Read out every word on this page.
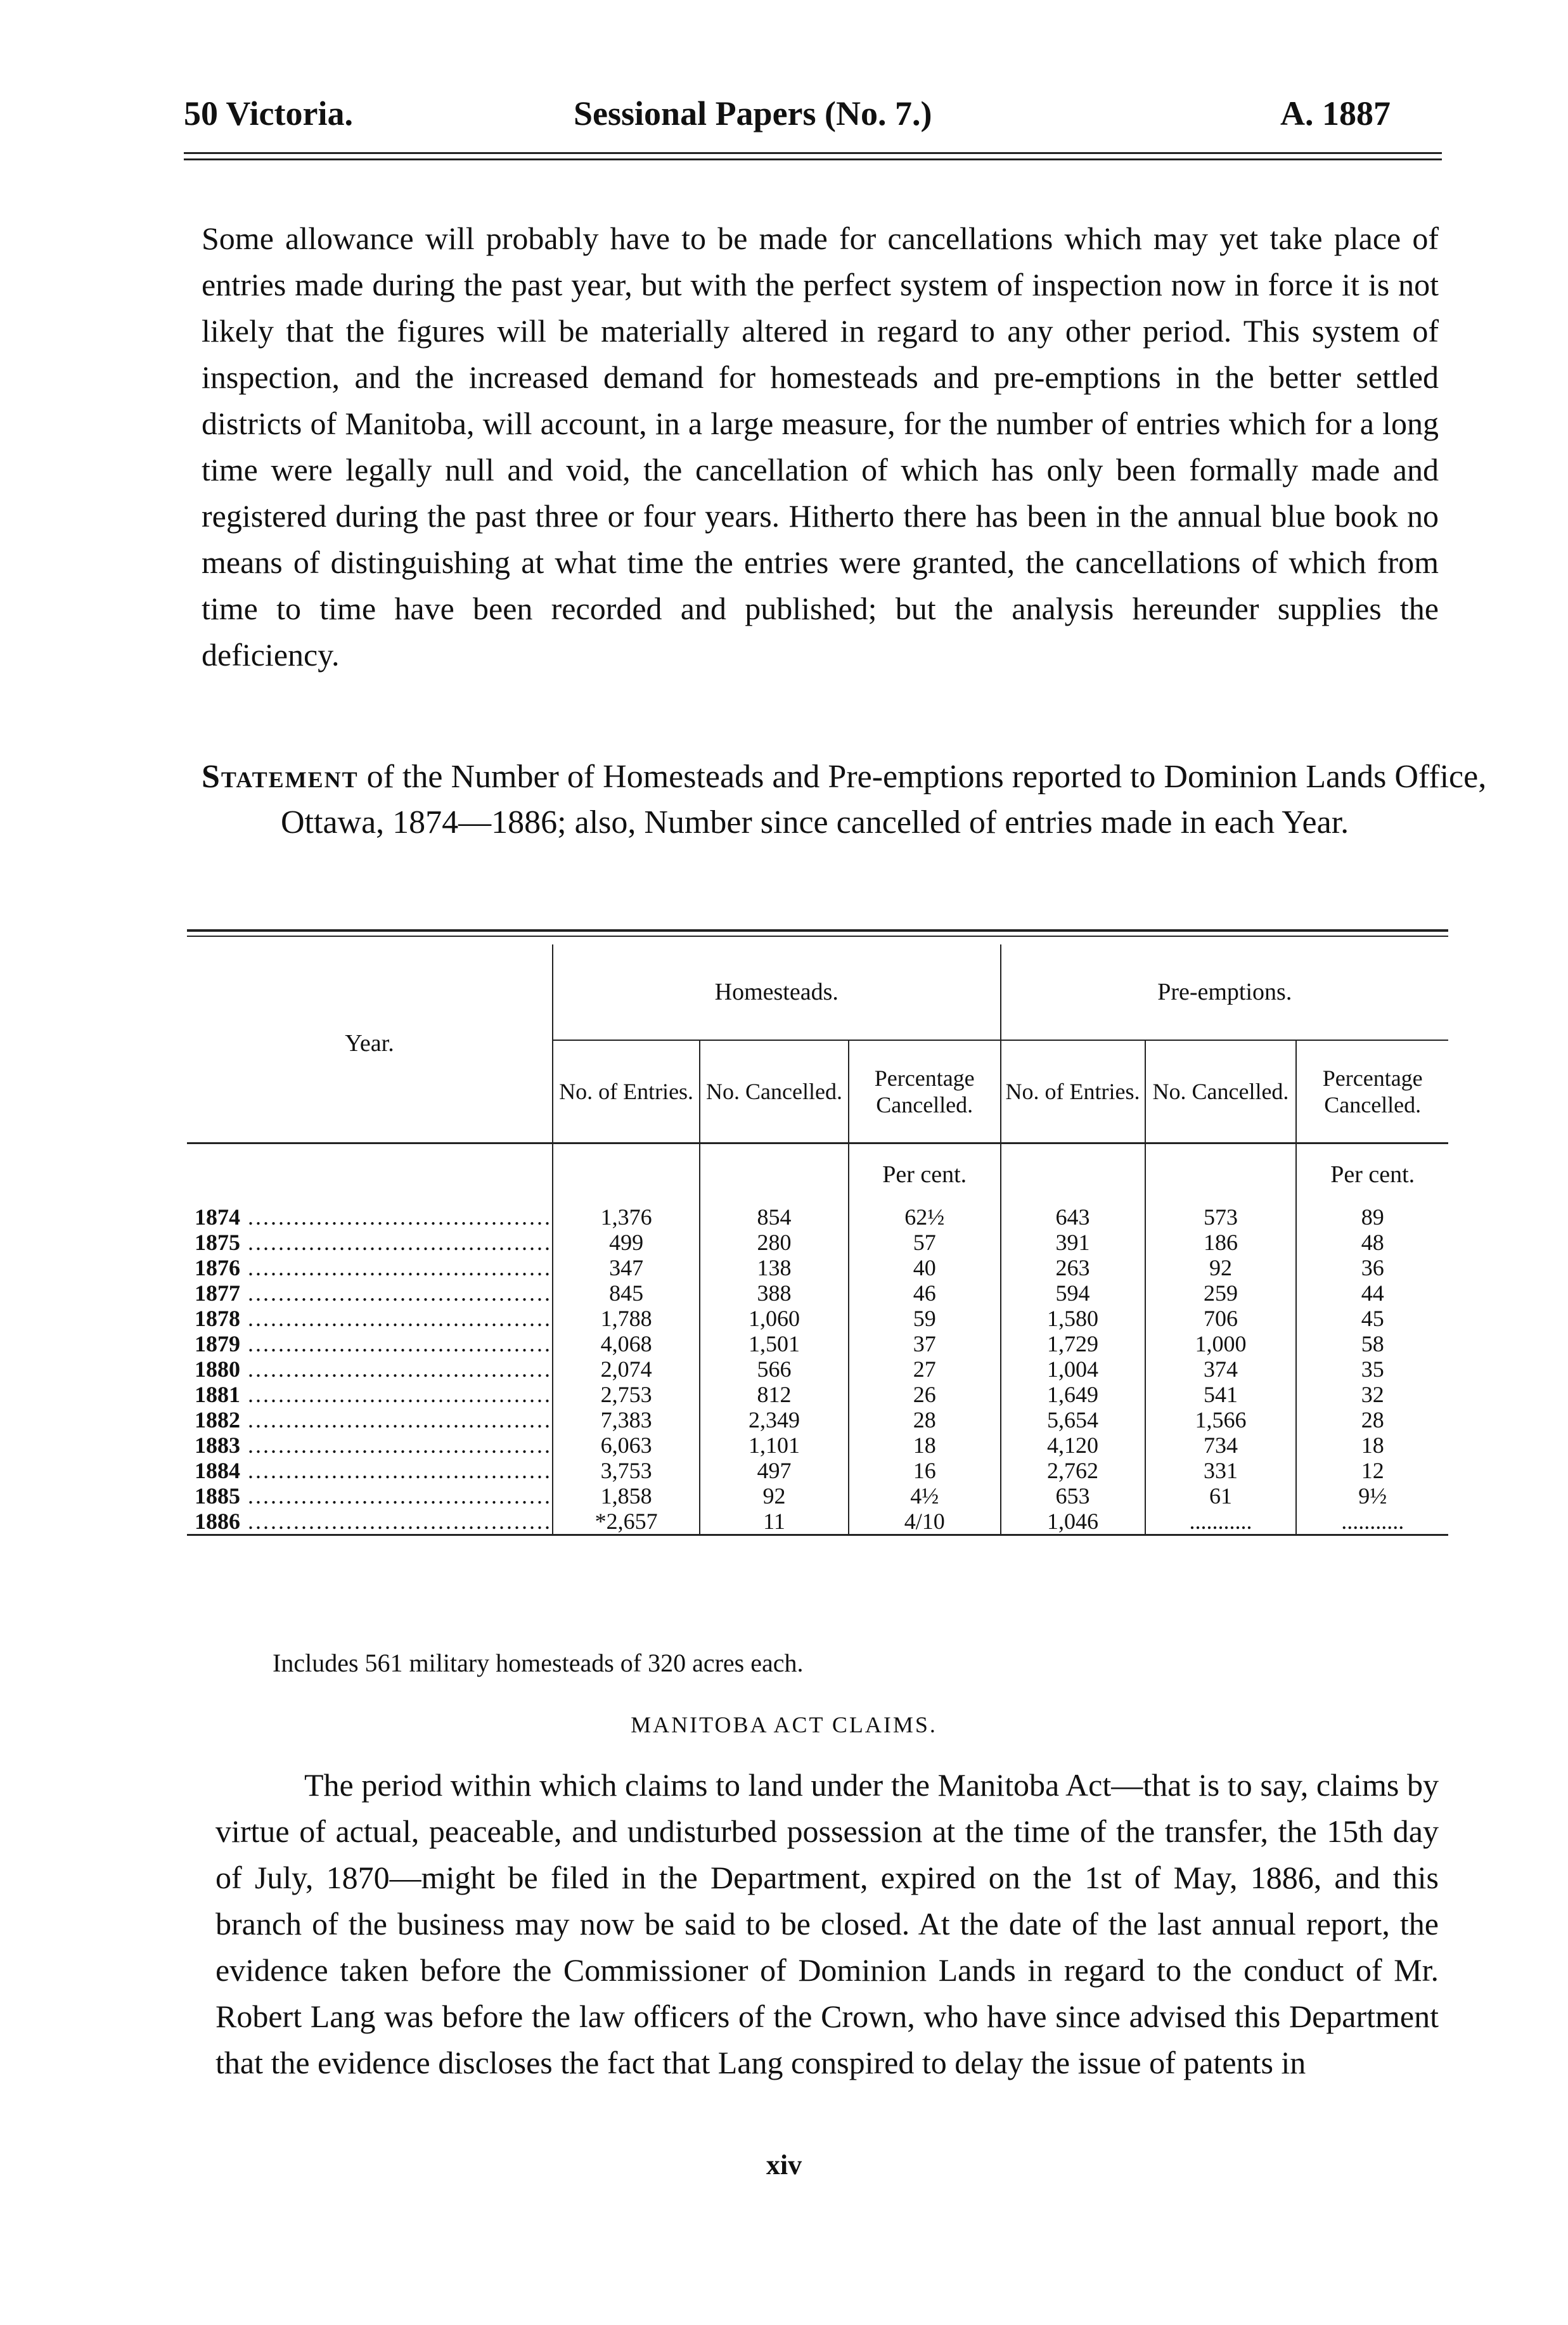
50 Victoria.	Sessional Papers (No. 7.)	A. 1887

Some allowance will probably have to be made for cancellations which may yet take place of entries made during the past year, but with the perfect system of inspection now in force it is not likely that the figures will be materially altered in regard to any other period. This system of inspection, and the increased demand for homesteads and pre-emptions in the better settled districts of Manitoba, will account, in a large measure, for the number of entries which for a long time were legally null and void, the cancellation of which has only been formally made and registered during the past three or four years. Hitherto there has been in the annual blue book no means of distinguishing at what time the entries were granted, the cancellations of which from time to time have been recorded and published; but the analysis hereunder supplies the deficiency.

Statement of the Number of Homesteads and Pre-emptions reported to Dominion Lands Office, Ottawa, 1874—1886; also, Number since cancelled of entries made in each Year.

Year.	Homesteads.			Pre-emptions.		
	No. of Entries.	No. Cancelled.	Percentage Cancelled.	No. of Entries.	No. Cancelled.	Percentage Cancelled.
			Per cent.			Per cent.
1874 ........................................	1,376	854	62½	643	573	89
1875 ........................................	499	280	57	391	186	48
1876 ........................................	347	138	40	263	92	36
1877 ........................................	845	388	46	594	259	44
1878 ........................................	1,788	1,060	59	1,580	706	45
1879 ........................................	4,068	1,501	37	1,729	1,000	58
1880 ........................................	2,074	566	27	1,004	374	35
1881 ........................................	2,753	812	26	1,649	541	32
1882 ........................................	7,383	2,349	28	5,654	1,566	28
1883 ........................................	6,063	1,101	18	4,120	734	18
1884 ........................................	3,753	497	16	2,762	331	12
1885 ........................................	1,858	92	4½	653	61	9½
1886 ........................................	*2,657	11	4/10	1,046	...........	...........
Includes 561 military homesteads of 320 acres each.
MANITOBA ACT CLAIMS.

The period within which claims to land under the Manitoba Act—that is to say, claims by virtue of actual, peaceable, and undisturbed possession at the time of the transfer, the 15th day of July, 1870—might be filed in the Department, expired on the 1st of May, 1886, and this branch of the business may now be said to be closed. At the date of the last annual report, the evidence taken before the Commissioner of Dominion Lands in regard to the conduct of Mr. Robert Lang was before the law officers of the Crown, who have since advised this Department that the evidence discloses the fact that Lang conspired to delay the issue of patents in

xiv
